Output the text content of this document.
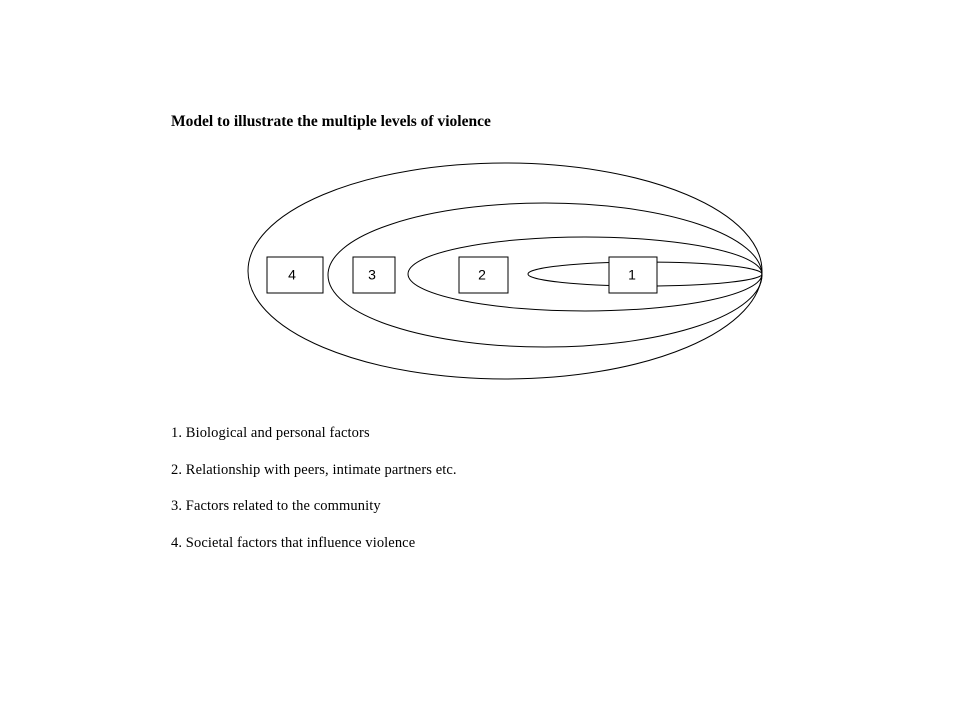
Model to illustrate the multiple levels of violence
4	3	2	1
1. Biological and personal factors
2. Relationship with peers, intimate partners etc.
3. Factors related to the community
4. Societal factors that influence violence
